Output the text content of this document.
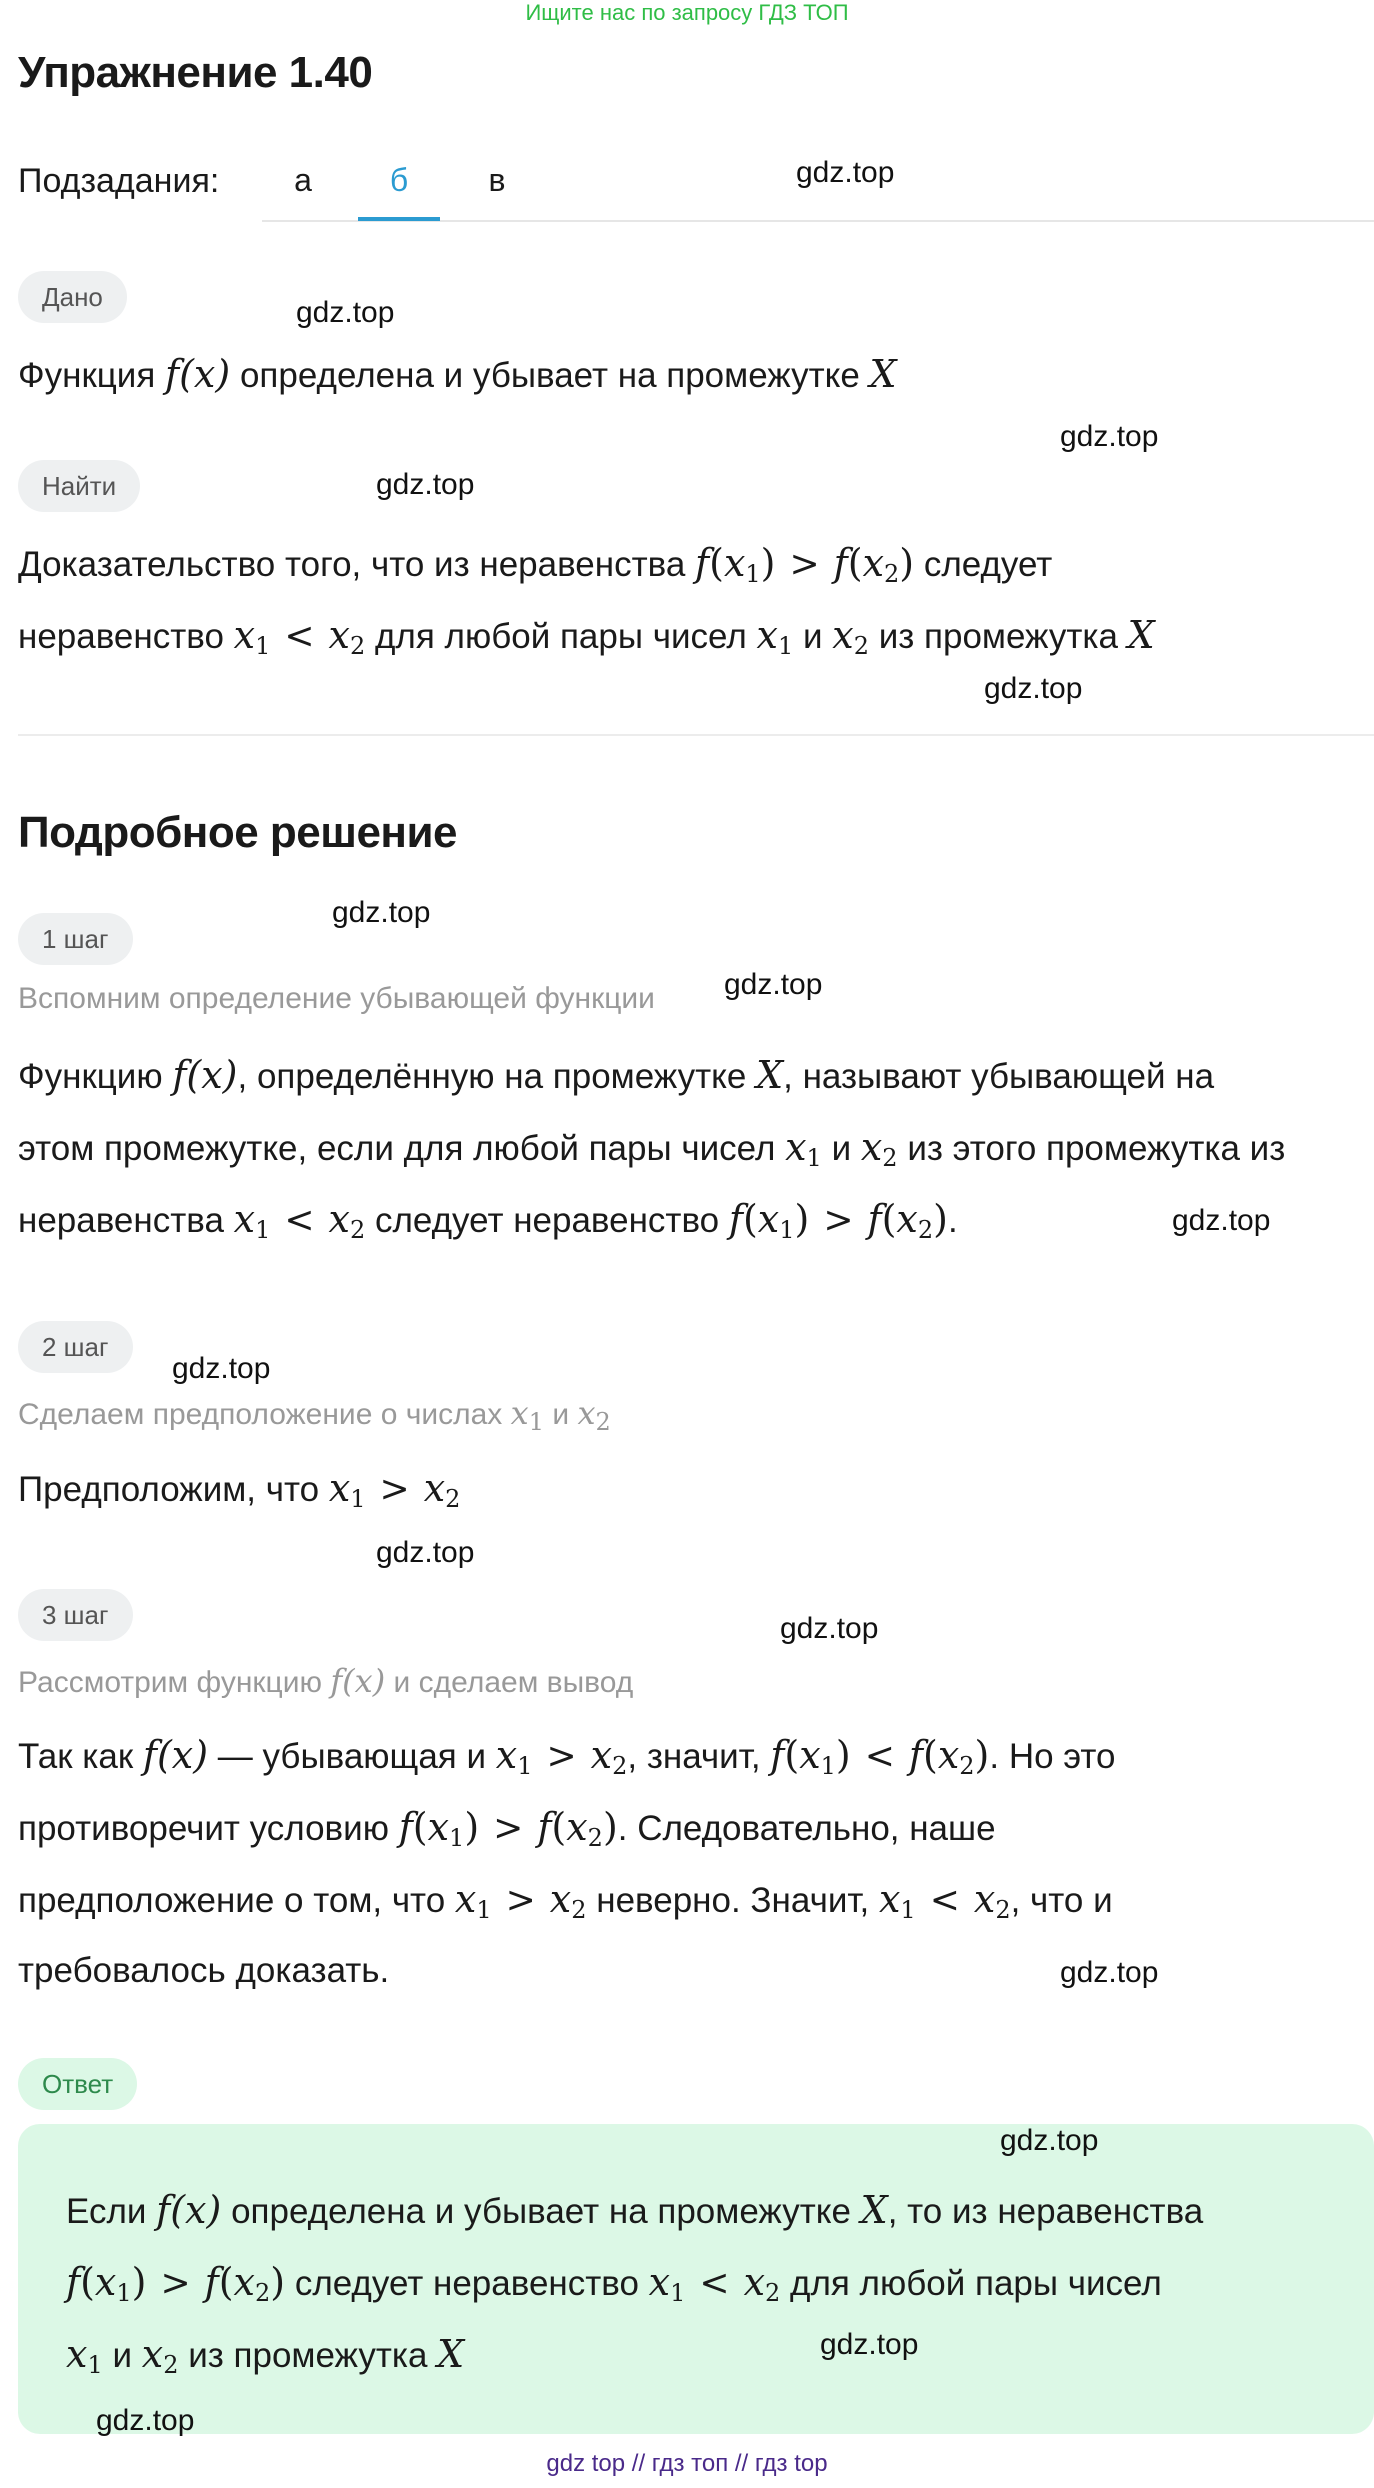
Ищите нас по запросу ГДЗ ТОП
Упражнение 1.40
Подзадания:	а	б	в
Дано
Функция f(x) определена и убывает на промежутке X
Найти
Доказательство того, что из неравенства $f(x_1) > f(x_2)$ следует
неравенство $x_1 < x_2$ для любой пары чисел $x_1$ и $x_2$ из промежутка X
Подробное решение
1 шаг
Вспомним определение убывающей функции
Функцию f(x), определённую на промежутке X, называют убывающей на
этом промежутке, если для любой пары чисел $x_1$ и $x_2$ из этого промежутка из
неравенства $x_1 < x_2$ следует неравенство $f(x_1) > f(x_2)$.
2 шаг
Сделаем предположение о числах $x_1$ и $x_2$
Предположим, что $x_1 > x_2$
3 шаг
Рассмотрим функцию f(x) и сделаем вывод
Так как f(x) — убывающая и $x_1 > x_2$, значит, $f(x_1) < f(x_2)$. Но это
противоречит условию $f(x_1) > f(x_2)$. Следовательно, наше
предположение о том, что $x_1 > x_2$ неверно. Значит, $x_1 < x_2$, что и
требовалось доказать.
Ответ
Если f(x) определена и убывает на промежутке X, то из неравенства
$f(x_1) > f(x_2)$ следует неравенство $x_1 < x_2$ для любой пары чисел
$x_1$ и $x_2$ из промежутка X
gdz.top
gdz.top
gdz.top
gdz.top
gdz.top
gdz.top
gdz.top
gdz.top
gdz.top
gdz.top
gdz.top
gdz.top
gdz.top
gdz.top
gdz.top
gdz top // гдз топ // гдз top
